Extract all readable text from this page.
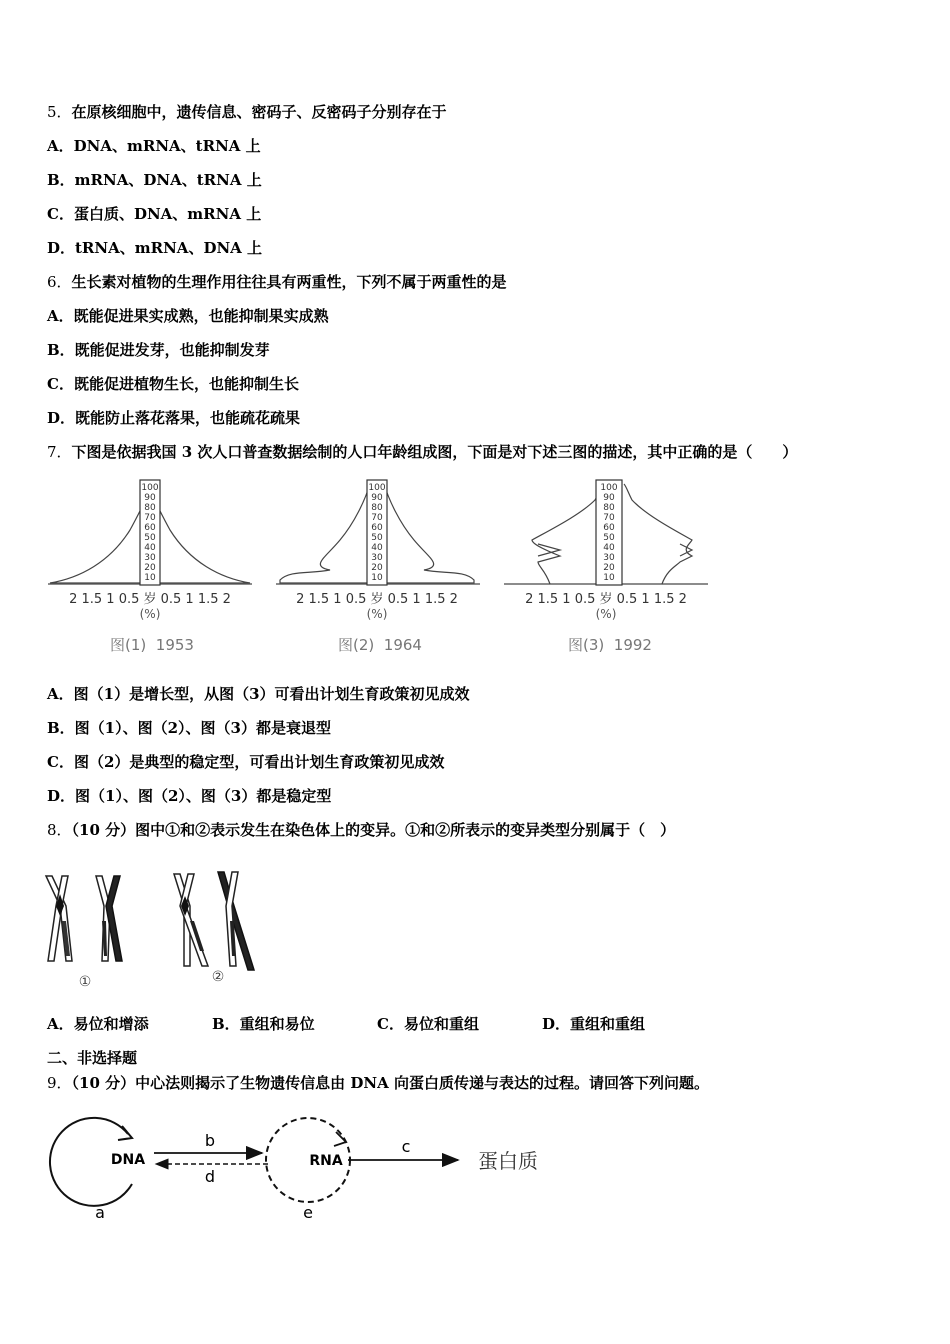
5．在原核细胞中，遗传信息、密码子、反密码子分别存在于
A．DNA、mRNA、tRNA 上
B．mRNA、DNA、tRNA 上
C．蛋白质、DNA、mRNA 上
D．tRNA、mRNA、DNA 上
6．生长素对植物的生理作用往往具有两重性，下列不属于两重性的是
A．既能促进果实成熟，也能抑制果实成熟
B．既能促进发芽，也能抑制发芽
C．既能促进植物生长，也能抑制生长
D．既能防止落花落果，也能疏花疏果
7．下图是依据我国 3 次人口普查数据绘制的人口年龄组成图，下面是对下述三图的描述，其中正确的是（　　）
100
90
80
70
60
50
40
30
20
10
2 1.5 1 0.5 岁 0.5 1 1.5 2
(%)
图(1)  1953
100
90
80
70
60
50
40
30
20
10
2 1.5 1 0.5 岁 0.5 1 1.5 2
(%)
图(2)  1964
100
90
80
70
60
50
40
30
20
10
2 1.5 1 0.5 岁 0.5 1 1.5 2
(%)
图(3)  1992
A．图（1）是增长型，从图（3）可看出计划生育政策初见成效
B．图（1）、图（2）、图（3）都是衰退型
C．图（2）是典型的稳定型，可看出计划生育政策初见成效
D．图（1）、图（2）、图（3）都是稳定型
8．（10 分）图中①和②表示发生在染色体上的变异。①和②所表示的变异类型分别属于（　）
①	②
A．易位和增添	B．重组和易位	C．易位和重组	D．重组和重组
二、非选择题
9．（10 分）中心法则揭示了生物遗传信息由 DNA 向蛋白质传递与表达的过程。请回答下列问题。
DNA
a
b
d
RNA
e
c
蛋白质
